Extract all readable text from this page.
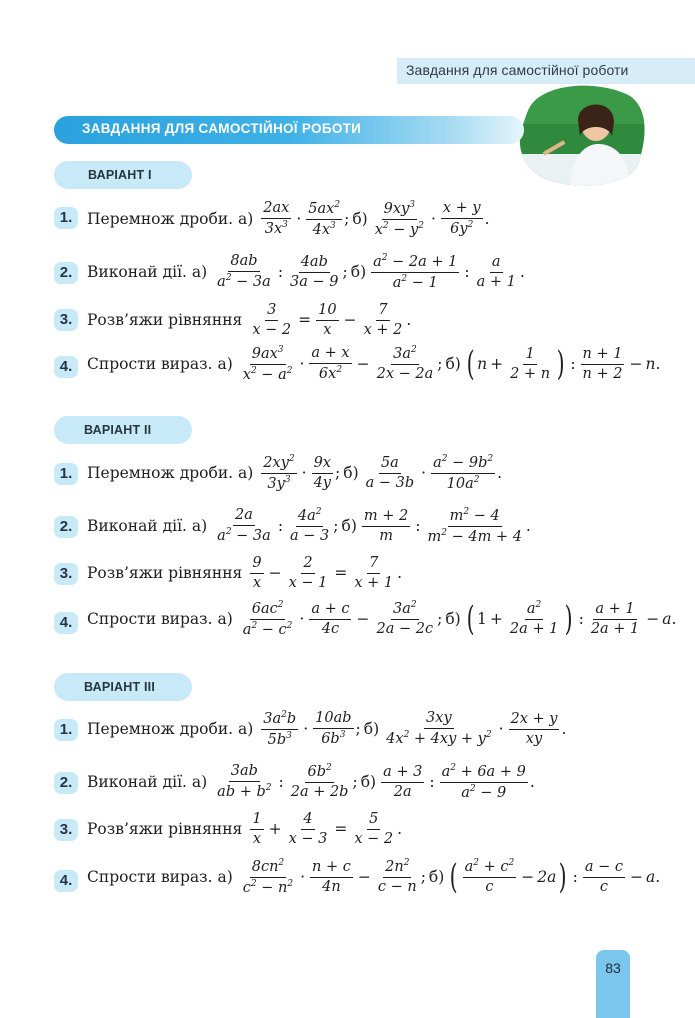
Завдання для самостійної роботи
ЗАВДАННЯ ДЛЯ САМОСТІЙНОЇ РОБОТИ
ВАРІАНТ І
1. Перемнож дроби. а)
2ax
$3x^3$ ·
$5ax^2$
$4x^3$ ; б)
$9xy^3$
$x^2 - y^2$ ·
x + y
$6y^2$ .
2. Виконай дії. а)
8ab
$a^2 - 3a$
:
4ab
3a − 9
; б)
$a^2 - 2a + 1$
$a^2 - 1$
:
a
a + 1
.
3. Розв’яжи рівняння $\frac{3}{x - 2} = \frac{10}{x} - \frac{7}{x + 2}$ .
4. Спрости вираз. а)
$9ax^3$
$x^2 - a^2$ ·
a + x
$6x^2 - \frac{3a^2}{2x - 2a}$ ; б) ( $n + \frac{1}{2 + n}$ ) :
n + 1
n + 2
− n .
ВАРІАНТ ІІ
1. Перемнож дроби. а)
$2xy^2$
$3y^3$ ·
9x
4y
; б)
5a
a − 3b
·
$a^2 - 9b^2$
$10a^2$ .
2. Виконай дії. а)
2a
$a^2 - 3a$
:
$4a^2$
a − 3
; б)
m + 2
m
:
$m^2 - 4$
$m^2 - 4m + 4$
.
3. Розв’яжи рівняння
9
x
− $\frac{2}{x - 1} = \frac{7}{x + 1}$ .
4. Спрости вираз. а)
$6ac^2$
$a^2 - c^2$ ·
a + c
4c
− $\frac{3a^2}{2a - 2c}$ ; б) ( $1 + \frac{a^2}{2a + 1}$ ) :
a + 1
2a + 1
− a .
ВАРІАНТ ІІІ
1. Перемнож дроби. а)
$3a^2b$
$5b^3$ ·
10ab
$6b^3$ ; б)
3xy
$4x^2 + 4xy + y^2$ ·
2x + y
xy
.
2. Виконай дії. а)
3ab
ab + $b^2$ :
$6b^2$
2a + 2b
; б)
a + 3
2a
:
$a^2 + 6a + 9$
$a^2 - 9$
.
3. Розв’яжи рівняння
1
x
+ $\frac{4}{x - 3} = \frac{5}{x - 2}$ .
4. Спрости вираз. а)
$8cn^2$
$c^2 - n^2$ ·
n + c
4n
− $\frac{2n^2}{c - n}$ ; б) ( $a^2 + c^2$
c
− 2a ) :
a − c
c
− a .
83
